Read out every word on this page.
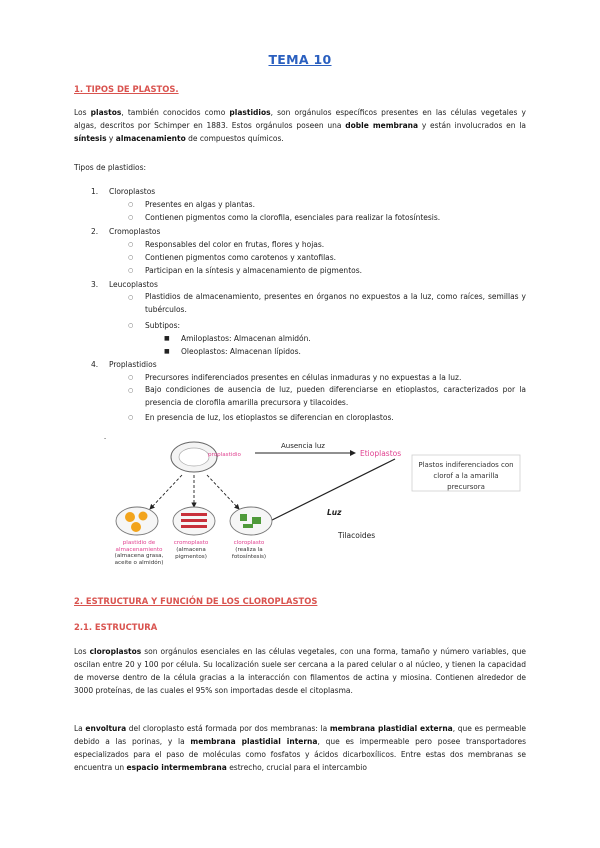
TEMA 10
1. TIPOS DE PLASTOS.
Los plastos, también conocidos como plastidios, son orgánulos específicos presentes en las células vegetales y algas, descritos por Schimper en 1883. Estos orgánulos poseen una doble membrana y están involucrados en la síntesis y almacenamiento de compuestos químicos.
Tipos de plastidios:
1. Cloroplastos
○ Presentes en algas y plantas.
○ Contienen pigmentos como la clorofila, esenciales para realizar la fotosíntesis.
2. Cromoplastos
○ Responsables del color en frutas, flores y hojas.
○ Contienen pigmentos como carotenos y xantofilas.
○ Participan en la síntesis y almacenamiento de pigmentos.
3. Leucoplastos
○ Plastidios de almacenamiento, presentes en órganos no expuestos a la luz, como raíces, semillas y tubérculos.
○ Subtipos:
■ Amiloplastos: Almacenan almidón.
■ Oleoplastos: Almacenan lípidos.
4. Proplastidios
○ Precursores indiferenciados presentes en células inmaduras y no expuestas a la luz.
○ Bajo condiciones de ausencia de luz, pueden diferenciarse en etioplastos, caracterizados por la presencia de clorofila amarilla precursora y tilacoides.
○ En presencia de luz, los etioplastos se diferencian en cloroplastos.
-
proplastidio
Ausencia luz
Etioplastos
Plastos indiferenciados con clorof a la amarilla precursora
Luz
Tilacoides
plastidio de almacenamiento
(almacena grasa, aceite o almidón)
cromoplasto
(almacena pigmentos)
cloroplasto
(realiza la fotosíntesis)
2. ESTRUCTURA Y FUNCIÓN DE LOS CLOROPLASTOS
2.1. ESTRUCTURA
Los cloroplastos son orgánulos esenciales en las células vegetales, con una forma, tamaño y número variables, que oscilan entre 20 y 100 por célula. Su localización suele ser cercana a la pared celular o al núcleo, y tienen la capacidad de moverse dentro de la célula gracias a la interacción con filamentos de actina y miosina. Contienen alrededor de 3000 proteínas, de las cuales el 95% son importadas desde el citoplasma.
La envoltura del cloroplasto está formada por dos membranas: la membrana plastidial externa, que es permeable debido a las porinas, y la membrana plastidial interna, que es impermeable pero posee transportadores especializados para el paso de moléculas como fosfatos y ácidos dicarboxílicos. Entre estas dos membranas se encuentra un espacio intermembrana estrecho, crucial para el intercambio
